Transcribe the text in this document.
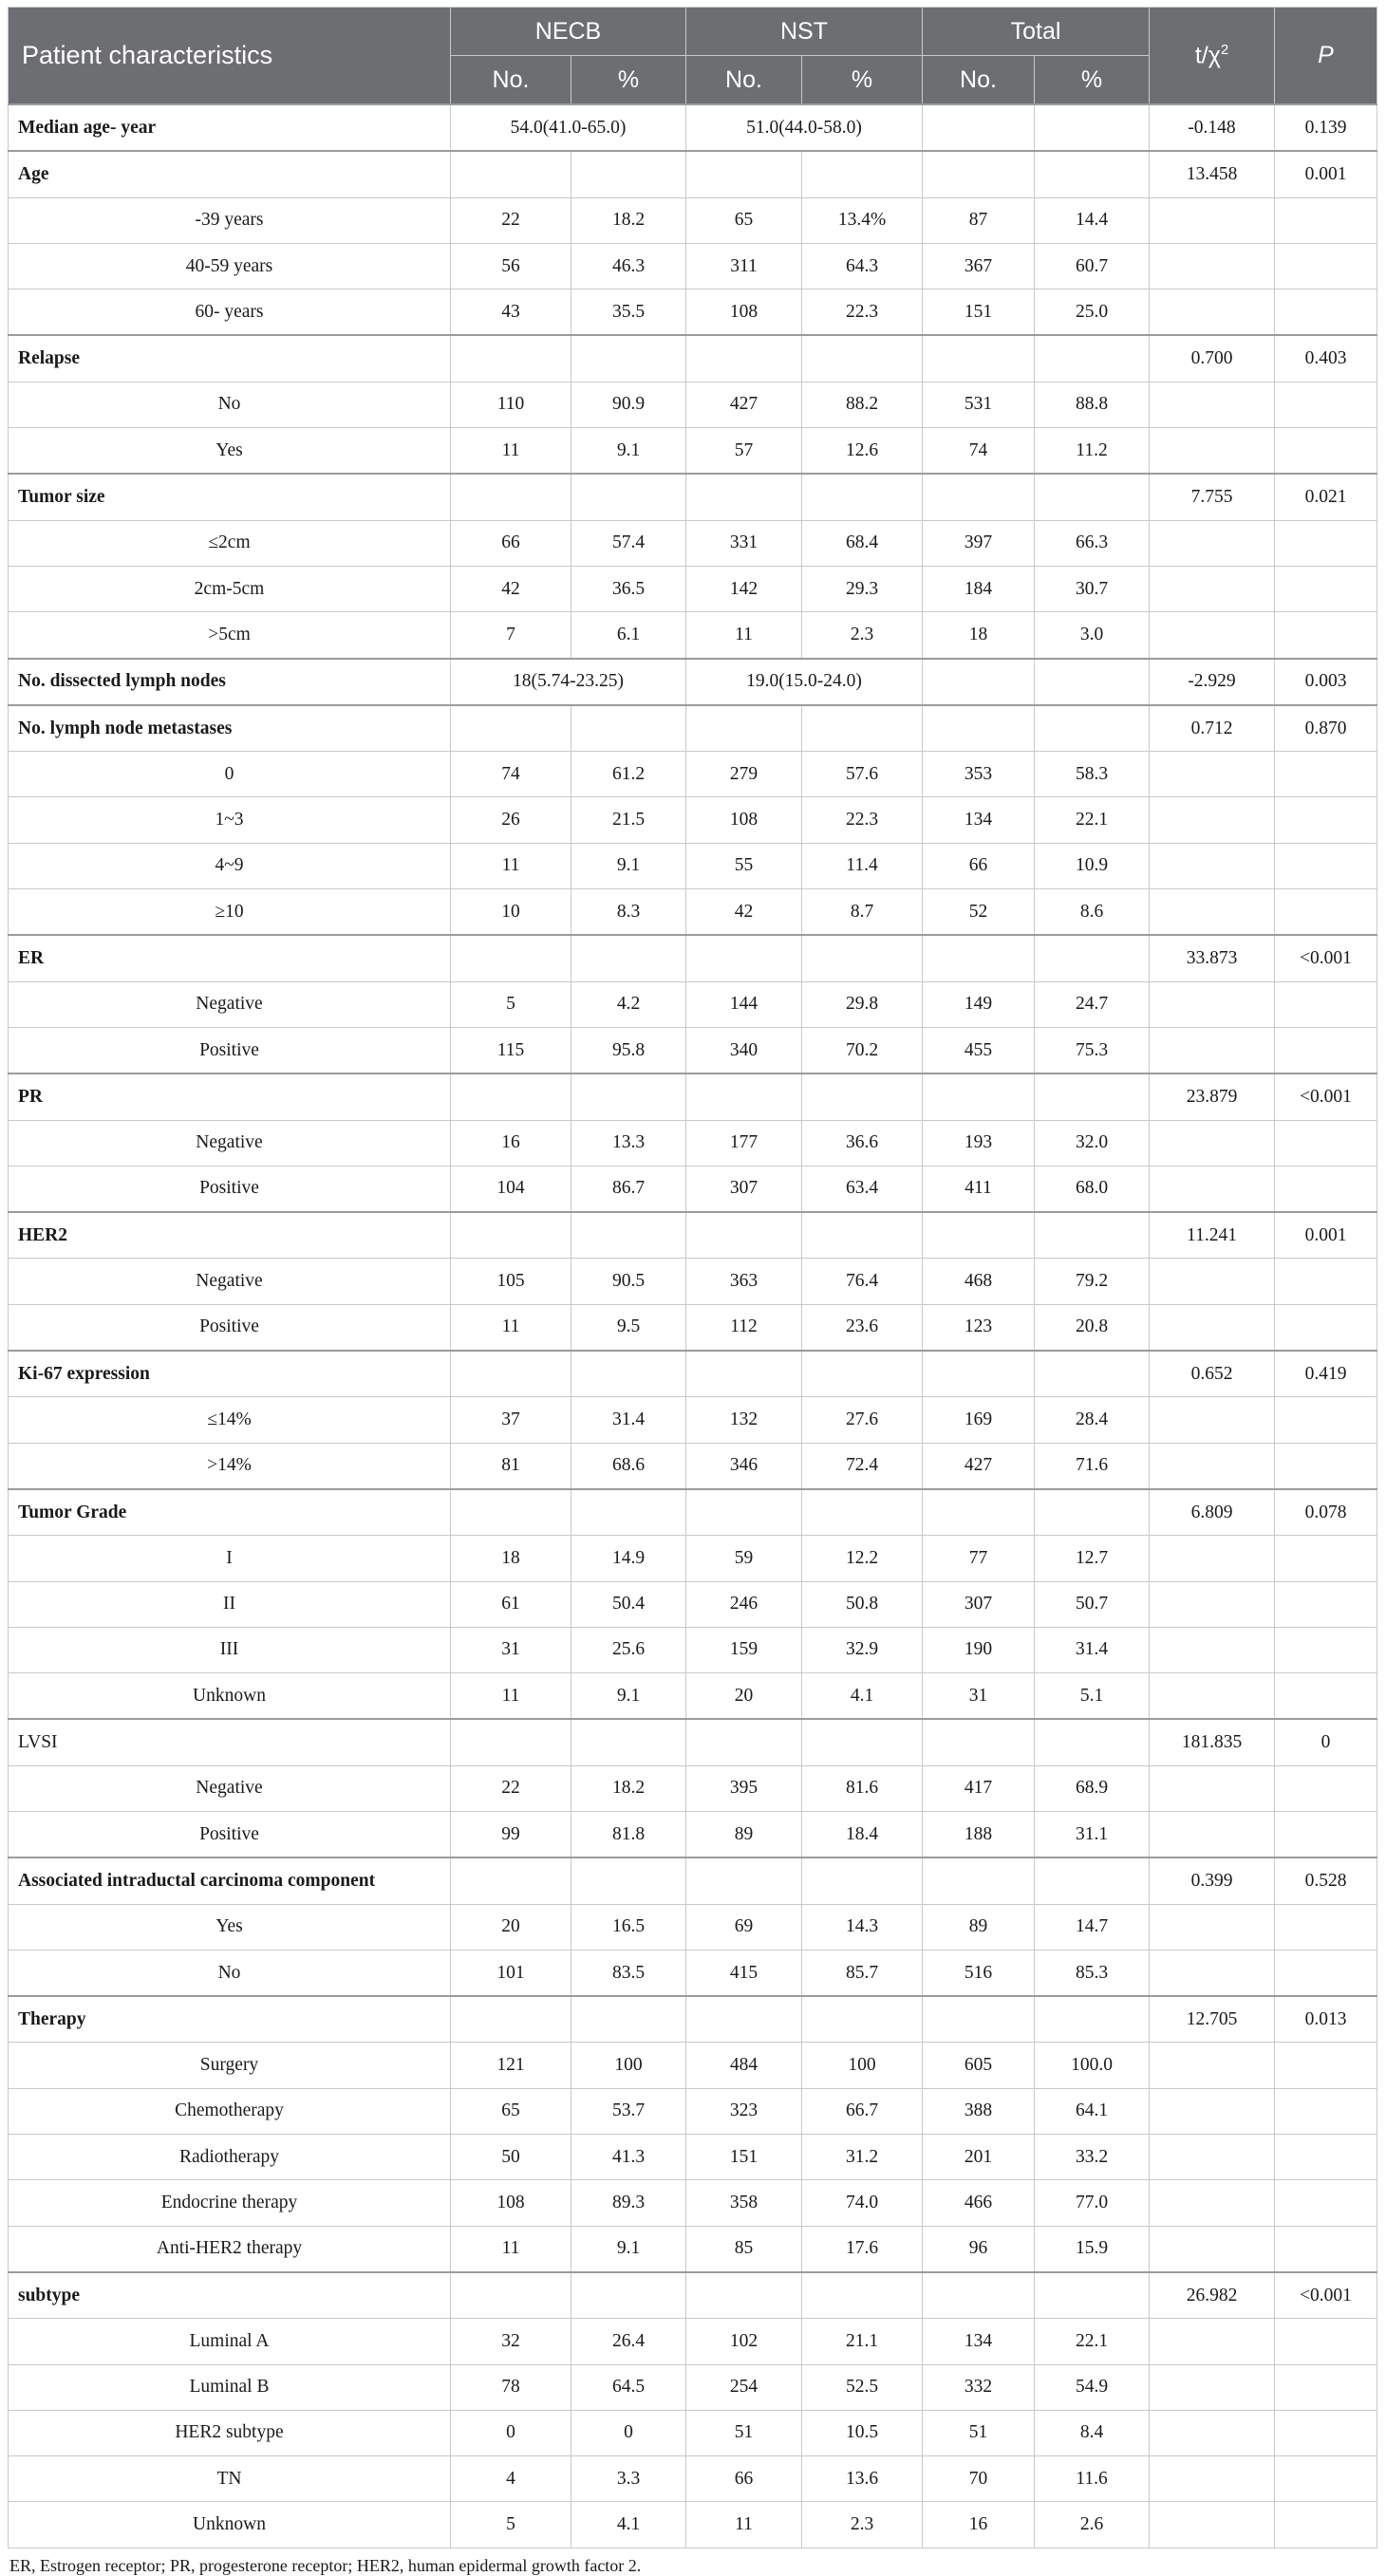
Patient characteristics	NECB		NST		Total		$t/\chi^2$	P
	No.	%	No.	%	No.	%		
Median age- year	54.0(41.0-65.0)		51.0(44.0-58.0)				-0.148	0.139
Age							13.458	0.001
-39 years	22	18.2	65	13.4%	87	14.4		
40-59 years	56	46.3	311	64.3	367	60.7		
60- years	43	35.5	108	22.3	151	25.0		
Relapse							0.700	0.403
No	110	90.9	427	88.2	531	88.8		
Yes	11	9.1	57	12.6	74	11.2		
Tumor size							7.755	0.021
≤2cm	66	57.4	331	68.4	397	66.3		
2cm-5cm	42	36.5	142	29.3	184	30.7		
>5cm	7	6.1	11	2.3	18	3.0		
No. dissected lymph nodes	18(5.74-23.25)		19.0(15.0-24.0)				-2.929	0.003
No. lymph node metastases							0.712	0.870
0	74	61.2	279	57.6	353	58.3		
1~3	26	21.5	108	22.3	134	22.1		
4~9	11	9.1	55	11.4	66	10.9		
≥10	10	8.3	42	8.7	52	8.6		
ER							33.873	<0.001
Negative	5	4.2	144	29.8	149	24.7		
Positive	115	95.8	340	70.2	455	75.3		
PR							23.879	<0.001
Negative	16	13.3	177	36.6	193	32.0		
Positive	104	86.7	307	63.4	411	68.0		
HER2							11.241	0.001
Negative	105	90.5	363	76.4	468	79.2		
Positive	11	9.5	112	23.6	123	20.8		
Ki-67 expression							0.652	0.419
≤14%	37	31.4	132	27.6	169	28.4		
>14%	81	68.6	346	72.4	427	71.6		
Tumor Grade							6.809	0.078
I	18	14.9	59	12.2	77	12.7		
II	61	50.4	246	50.8	307	50.7		
III	31	25.6	159	32.9	190	31.4		
Unknown	11	9.1	20	4.1	31	5.1		
LVSI							181.835	0
Negative	22	18.2	395	81.6	417	68.9		
Positive	99	81.8	89	18.4	188	31.1		
Associated intraductal carcinoma component							0.399	0.528
Yes	20	16.5	69	14.3	89	14.7		
No	101	83.5	415	85.7	516	85.3		
Therapy							12.705	0.013
Surgery	121	100	484	100	605	100.0		
Chemotherapy	65	53.7	323	66.7	388	64.1		
Radiotherapy	50	41.3	151	31.2	201	33.2		
Endocrine therapy	108	89.3	358	74.0	466	77.0		
Anti-HER2 therapy	11	9.1	85	17.6	96	15.9		
subtype							26.982	<0.001
Luminal A	32	26.4	102	21.1	134	22.1		
Luminal B	78	64.5	254	52.5	332	54.9		
HER2 subtype	0	0	51	10.5	51	8.4		
TN	4	3.3	66	13.6	70	11.6		
Unknown	5	4.1	11	2.3	16	2.6		
ER, Estrogen receptor; PR, progesterone receptor; HER2, human epidermal growth factor 2.
